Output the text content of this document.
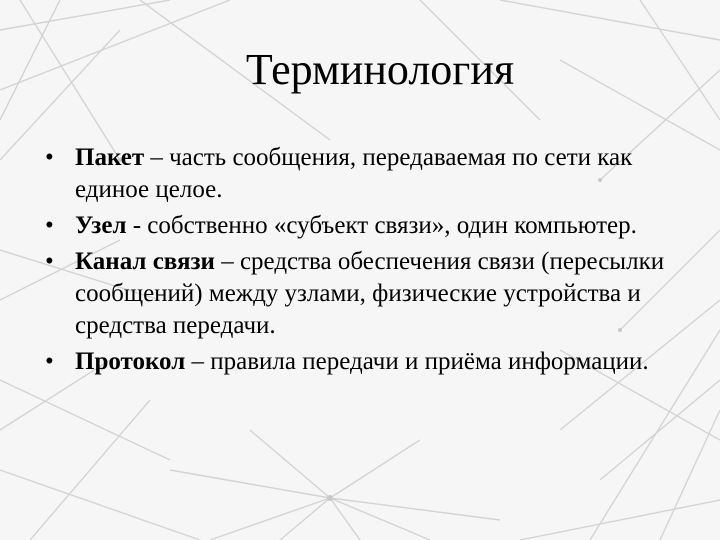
Терминология
• Пакет – часть сообщения, передаваемая по сети как единое целое.
• Узел - собственно «субъект связи», один компьютер.
• Канал связи – средства обеспечения связи (пересылки сообщений) между узлами, физические устройства и средства передачи.
• Протокол – правила передачи и приёма информации.
